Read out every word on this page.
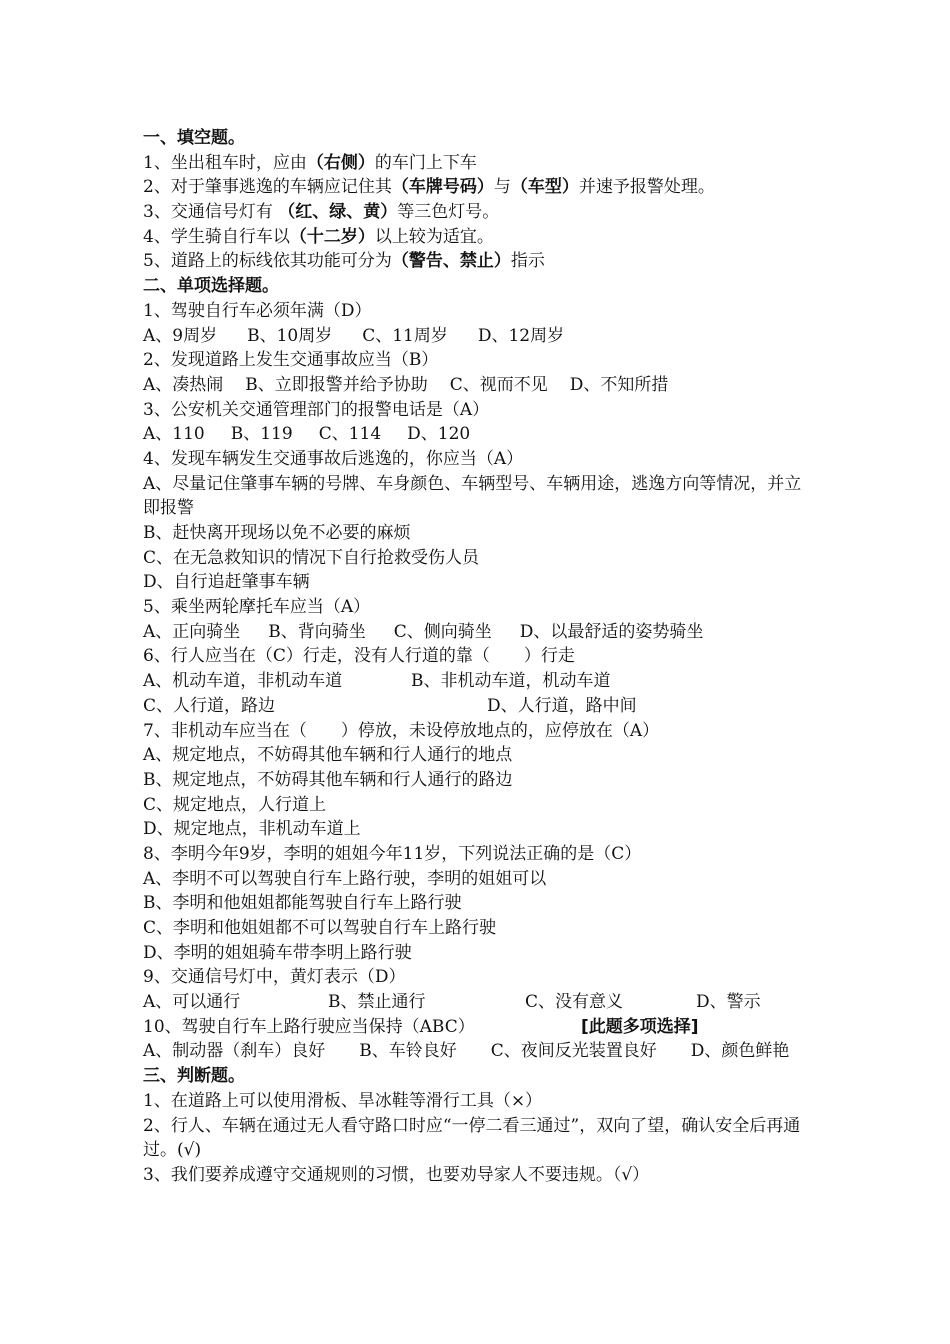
一、填空题。
1、坐出租车时，应由（右侧）的车门上下车
2、对于肇事逃逸的车辆应记住其（车牌号码）与（车型）并速予报警处理。
3、交通信号灯有 （红、绿、黄）等三色灯号。
4、学生骑自行车以（十二岁）以上较为适宜。
5、道路上的标线依其功能可分为（警告、禁止）指示
二、单项选择题。
1、驾驶自行车必须年满（D）
A、9周岁 B、10周岁 C、11周岁 D、12周岁
2、发现道路上发生交通事故应当（B）
A、凑热闹 B、立即报警并给予协助 C、视而不见 D、不知所措
3、公安机关交通管理部门的报警电话是（A）
A、110 B、119 C、114 D、120
4、发现车辆发生交通事故后逃逸的，你应当（A）
A、尽量记住肇事车辆的号牌、车身颜色、车辆型号、车辆用途，逃逸方向等情况，并立即报警
B、赶快离开现场以免不必要的麻烦
C、在无急救知识的情况下自行抢救受伤人员
D、自行追赶肇事车辆
5、乘坐两轮摩托车应当（A）
A、正向骑坐 B、背向骑坐 C、侧向骑坐 D、以最舒适的姿势骑坐
6、行人应当在（C）行走，没有人行道的靠（　　）行走
A、机动车道，非机动车道	B、非机动车道，机动车道
C、人行道，路边	D、人行道，路中间
7、非机动车应当在（　　）停放，未设停放地点的，应停放在（A）
A、规定地点，不妨碍其他车辆和行人通行的地点
B、规定地点，不妨碍其他车辆和行人通行的路边
C、规定地点，人行道上
D、规定地点，非机动车道上
8、李明今年9岁，李明的姐姐今年11岁，下列说法正确的是（C）
A、李明不可以驾驶自行车上路行驶，李明的姐姐可以
B、李明和他姐姐都能驾驶自行车上路行驶
C、李明和他姐姐都不可以驾驶自行车上路行驶
D、李明的姐姐骑车带李明上路行驶
9、交通信号灯中，黄灯表示（D）
A、可以通行	B、禁止通行	C、没有意义	D、警示
10、驾驶自行车上路行驶应当保持（ABC）	[此题多项选择]
A、制动器（刹车）良好　　B、车铃良好　　C、夜间反光装置良好　　D、颜色鲜艳
三、判断题。
1、在道路上可以使用滑板、旱冰鞋等滑行工具（×）
2、行人、车辆在通过无人看守路口时应“一停二看三通过”，双向了望，确认安全后再通过。(√)
3、我们要养成遵守交通规则的习惯，也要劝导家人不要违规。（√）
